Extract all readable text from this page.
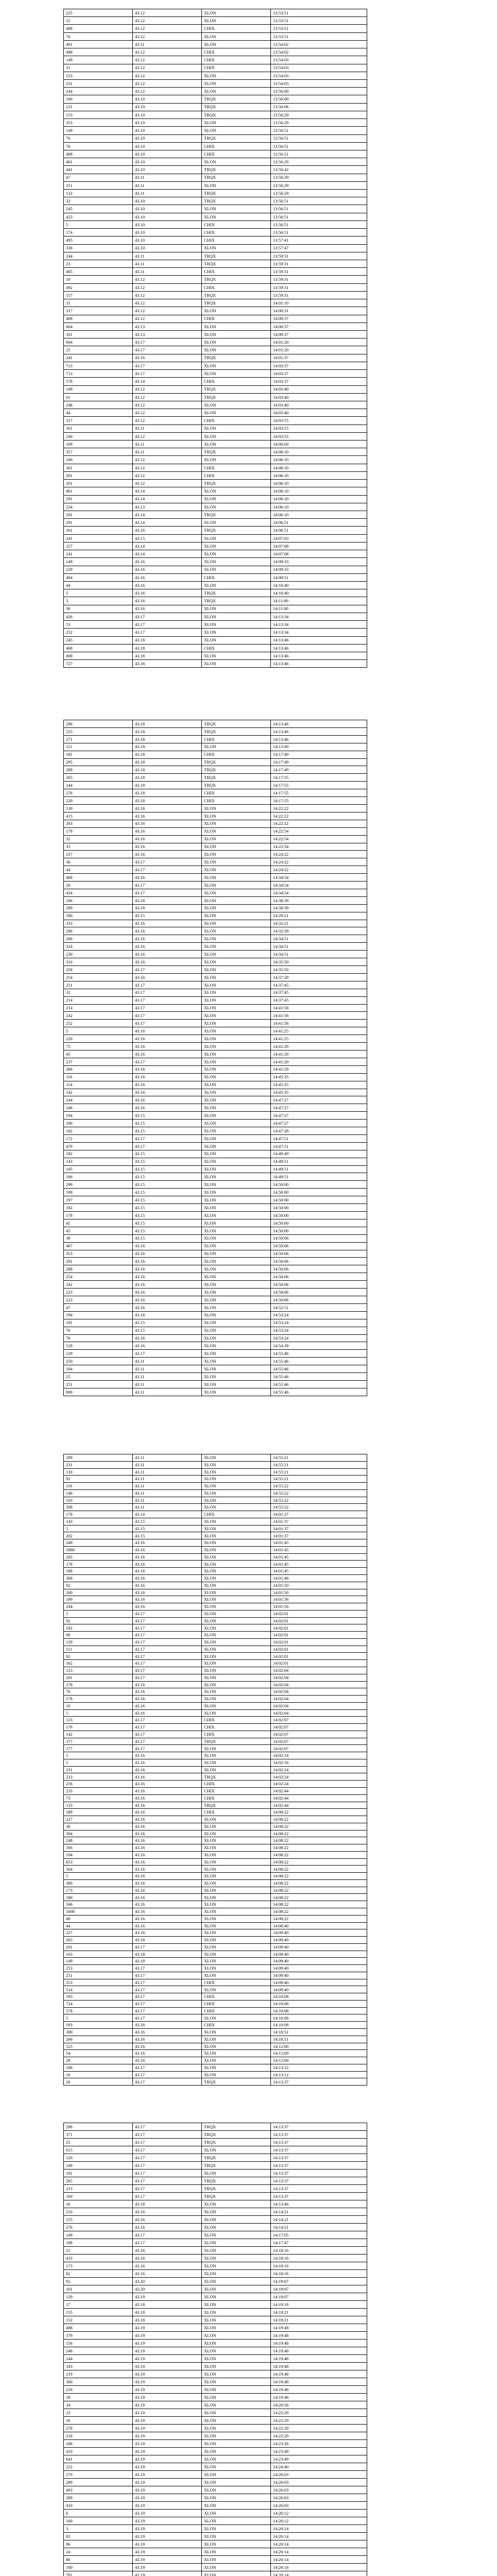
225	43.12	XLON	13:53:51
15	43.12	XLON	13:53:51
488	43.12	CHIX	13:53:51
76	43.12	XLON	13:53:51
491	43.11	XLON	13:54:02
488	43.12	CHIX	13:54:02
149	43.12	CHIX	13:54:03
31	43.12	CHIX	13:54:03
253	43.12	XLON	13:54:03
251	43.12	XLON	13:54:03
244	43.12	XLON	13:56:00
100	43.10	TRQX	13:56:00
121	43.10	TRQX	13:56:06
153	43.10	TRQX	13:56:29
353	43.10	XLON	13:56:29
149	43.10	XLON	13:56:51
76	43.10	TRQX	13:56:51
76	43.10	CHIX	13:56:51
408	43.10	CHIX	13:56:51
461	43.10	XLON	13:56:29
441	43.10	TRQX	13:56:42
47	43.11	TRQX	13:56:29
251	43.11	XLON	13:56:29
132	43.11	TRQX	13:56:29
32	43.10	TRQX	13:56:51
245	43.10	XLON	13:56:51
423	43.10	XLON	13:56:51
5	43.10	CHIX	13:56:51
174	43.10	CHIX	13:56:51
495	43.10	CHIX	13:57:41
336	43.10	XLON	13:57:47
244	43.11	TRQX	13:59:31
23	43.11	TRQX	13:59:31
405	43.11	CHIX	13:59:31
10	43.12	TRQX	13:59:31
492	43.12	CHIX	13:59:31
157	43.12	TRQX	13:59:31
31	43.12	TRQX	14:01:10
317	43.12	XLON	14:00:31
408	43.12	CHIX	14:00:37
604	43.13	XLON	14:00:37
161	43.13	XLON	14:00:37
604	43.17	XLON	14:01:20
25	43.17	XLON	14:01:20
241	43.16	TRQX	14:01:37
713	43.17	XLON	14:03:37
713	43.17	XLON	14:03:37
578	43.14	CHIX	14:03:37
149	43.12	TRQX	14:03:40
61	43.12	TRQX	14:03:40
248	43.12	XLON	14:03:40
44	43.12	XLON	14:03:40
317	43.12	CHIX	14:03:55
161	43.11	XLON	14:03:55
240	43.12	XLON	14:03:55
109	43.11	XLON	14:06:00
357	43.11	TRQX	14:06:10
240	43.12	XLON	14:06:10
361	43.12	CHIX	14:06:10
201	43.12	CHIX	14:06:10
201	43.12	TRQX	14:06:10
461	43.14	XLON	14:06:10
291	43.14	XLON	14:06:10
234	43.13	XLON	14:06:10
291	43.14	TRQX	14:06:10
291	43.14	XLON	14:06:51
161	43.16	TRQX	14:06:51
241	43.15	XLON	14:07:03
257	43.14	XLON	14:07:08
241	43.14	XLON	14:07:08
149	43.16	XLON	14:09:33
229	43.16	XLON	14:09:33
494	43.16	CHIX	14:09:51
44	43.16	XLON	14:10:40
5	43.16	TRQX	14:10:40
3	43.16	TRQX	14:11:00
36	43.16	XLON	14:11:00
426	43.17	XLON	14:13:34
53	43.17	XLON	14:13:34
252	43.17	XLON	14:13:34
245	43.18	XLON	14:13:46
468	43.18	CHIX	14:13:46
808	43.18	XLON	14:13:46
727	43.18	XLON	14:13:46
296	43.18	TRQX	14:13:46
255	43.18	TRQX	14:13:46
271	43.18	CHIX	14:13:46
111	43.18	XLON	14:13:49
181	43.18	CHIX	14:17:49
295	43.18	TRQX	14:17:49
289	43.18	TRQX	14:17:49
265	43.18	TRQX	14:17:55
244	43.18	TRQX	14:17:55
276	43.18	CHIX	14:17:55
220	43.18	CHIX	14:17:55
130	43.16	XLON	14:22:22
415	43.16	XLON	14:22:22
263	43.16	XLON	14:22:22
178	43.16	XLON	14:22:54
32	43.16	XLON	14:22:54
35	43.16	XLON	14:22:54
237	43.16	XLON	14:24:22
36	43.17	XLON	14:24:22
44	43.17	XLON	14:24:22
468	43.16	XLON	14:34:54
20	43.17	XLON	14:34:54
424	43.17	XLON	14:34:54
186	43.18	XLON	14:38:39
289	43.18	XLON	14:38:39
180	43.15	XLON	14:29:21
333	43.16	XLON	14:32:21
296	43.16	XLON	14:32:39
266	43.16	XLON	14:34:51
324	43.16	XLON	14:34:51
230	43.16	XLON	14:34:51
316	43.16	XLON	14:35:50
258	43.17	XLON	14:35:50
254	43.16	XLON	14:37:29
251	43.17	XLON	14:37:45
32	43.17	XLON	14:37:45
214	43.17	XLON	14:37:45
214	43.17	XLON	14:41:56
242	43.17	XLON	14:41:56
252	43.17	XLON	14:41:56
5	43.16	XLON	14:41:25
220	43.16	XLON	14:41:25
75	43.16	XLON	14:41:29
45	43.16	XLON	14:41:29
237	43.17	XLON	14:41:29
266	43.16	XLON	14:41:29
116	43.16	XLON	14:45:35
114	43.16	XLON	14:45:35
142	43.16	XLON	14:45:35
244	43.16	XLON	14:47:27
246	43.16	XLON	14:47:27
194	43.15	XLON	14:47:27
190	43.15	XLON	14:47:27
182	43.15	XLON	14:47:28
172	43.17	XLON	14:47:51
479	43.17	XLON	14:47:51
182	43.15	XLON	14:49:49
143	43.15	XLON	14:49:51
145	43.15	XLON	14:49:51
186	43.15	XLON	14:49:51
299	43.15	XLON	14:50:00
199	43.15	XLON	14:50:00
197	43.15	XLON	14:50:00
182	43.15	XLON	14:50:00
178	43.15	XLON	14:50:00
45	43.15	XLON	14:50:00
45	43.15	XLON	14:50:00
39	43.15	XLON	14:50:06
467	43.16	XLON	14:50:06
353	43.16	XLON	14:50:06
291	43.16	XLON	14:50:06
288	43.16	XLON	14:50:06
254	43.16	XLON	14:50:06
242	43.16	XLON	14:50:06
223	43.16	XLON	14:50:06
223	43.16	XLON	14:50:06
47	43.16	XLON	14:52:51
194	43.16	XLON	14:53:24
191	43.15	XLON	14:53:24
76	43.15	XLON	14:53:24
76	43.16	XLON	14:53:24
129	43.16	XLON	14:54:39
129	43.17	XLON	14:55:46
250	43.11	XLON	14:55:46
194	43.11	XLON	14:55:46
25	43.11	XLON	14:55:46
251	43.11	XLON	14:55:46
809	43.11	XLON	14:55:46
299	43.11	XLON	14:55:21
231	43.11	XLON	14:55:21
130	43.11	XLON	14:55:21
92	43.11	XLON	14:55:21
116	43.11	XLON	14:55:22
146	43.11	XLON	14:55:22
103	43.11	XLON	14:55:22
208	43.11	XLON	14:55:22
178	43.14	CHIX	14:01:37
143	43.15	XLON	14:01:37
5	43.15	XLON	14:01:37
202	43.15	XLON	14:01:37
249	43.16	XLON	14:01:45
1068	43.16	XLON	14:01:45
283	43.16	XLON	14:01:45
178	43.16	XLON	14:01:45
188	43.16	XLON	14:01:45
308	43.16	XLON	14:01:46
92	43.16	XLON	14:01:50
200	43.16	XLON	14:01:50
199	43.16	XLON	14:01:56
244	43.16	XLON	14:01:56
5	43.17	XLON	14:02:01
92	43.17	XLON	14:02:01
192	43.17	XLON	14:02:01
90	43.17	XLON	14:02:01
129	43.17	XLON	14:02:01
111	43.17	XLON	14:02:01
92	43.17	XLON	14:02:01
162	43.17	XLON	14:02:01
123	43.17	XLON	14:02:04
201	43.17	XLON	14:02:04
178	43.16	XLON	14:02:04
76	43.16	XLON	14:02:04
178	43.16	XLON	14:02:04
10	43.16	XLON	14:02:04
5	43.16	XLON	14:02:04
123	43.17	CHIX	14:02:07
176	43.17	CHIX	14:02:07
142	43.17	CHIX	14:02:07
377	43.17	TRQX	14:02:07
177	43.17	XLON	14:02:07
5	43.16	XLON	14:02:14
5	43.16	XLON	14:02:16
231	43.16	XLON	14:02:24
233	43.16	TRQX	14:02:24
256	43.16	CHIX	14:02:24
233	43.16	CHIX	14:02:44
73	43.16	CHIX	14:02:44
133	43.16	TRQX	14:02:44
189	43.16	CHIX	14:08:22
227	43.16	XLON	14:08:22
36	43.16	XLON	14:08:22
394	43.16	XLON	14:08:22
248	43.16	XLON	14:08:22
166	43.16	XLON	14:08:22
194	43.16	XLON	14:08:22
653	43.16	XLON	14:08:22
164	43.16	XLON	14:08:22
5	43.16	XLON	14:08:22
300	43.16	XLON	14:08:22
173	43.16	XLON	14:08:22
180	43.16	XLON	14:08:22
346	43.16	XLON	14:08:22
1008	43.16	XLON	14:08:22
49	43.16	XLON	14:08:22
44	43.16	XLON	14:08:40
227	43.18	XLON	14:09:40
265	43.18	XLON	14:09:40
201	43.17	XLON	14:09:40
163	43.18	XLON	14:09:40
149	43.18	XLON	14:09:40
253	43.17	XLON	14:09:40
251	43.17	XLON	14:09:40
253	43.17	CHIX	14:09:40
514	43.17	XLON	14:09:40
183	43.17	CHIX	14:10:08
724	43.17	CHIX	14:10:08
578	43.17	CHIX	14:10:08
5	43.17	XLON	14:10:08
193	43.16	CHIX	14:10:08
300	43.16	XLON	14:10:51
266	43.16	XLON	14:10:51
525	43.16	XLON	14:12:00
54	43.16	XLON	14:12:00
28	43.16	XLON	14:12:00
186	43.17	XLON	14:13:12
16	43.17	XLON	14:13:12
26	43.17	TRQX	14:13:37
296	43.17	TRQX	14:13:37
371	43.17	TRQX	14:13:37
25	43.17	TRQX	14:13:37
615	43.17	XLON	14:13:37
120	43.17	TRQX	14:13:37
149	43.17	TRQX	14:13:37
181	43.17	XLON	14:13:37
265	43.17	TRQX	14:13:37
213	43.17	TRQX	14:13:37
169	43.17	TRQX	14:13:37
16	43.18	XLON	14:13:46
210	43.16	XLON	14:14:21
155	43.16	XLON	14:14:21
276	43.16	XLON	14:14:21
149	43.17	XLON	14:17:05
198	43.17	XLON	14:17:47
21	43.16	XLON	14:18:16
433	43.16	XLON	14:18:16
173	43.16	XLON	14:18:16
82	43.16	XLON	14:18:16
92	43.20	XLON	14:19:07
161	43.20	XLON	14:19:07
129	43.19	XLON	14:19:07
17	43.18	XLON	14:19:18
155	43.18	XLON	14:19:21
152	43.18	XLON	14:19:21
488	43.19	XLON	14:19:48
379	43.19	XLON	14:19:48
156	43.19	XLON	14:19:48
246	43.19	XLON	14:19:48
244	43.19	XLON	14:19:48
183	43.19	XLON	14:19:48
219	43.19	XLON	14:19:48
360	43.19	XLON	14:19:48
218	43.19	XLON	14:19:48
18	43.19	XLON	14:19:48
34	43.19	XLON	14:20:56
23	43.19	XLON	14:22:29
16	43.19	XLON	14:22:29
278	43.19	XLON	14:22:29
218	43.19	XLON	14:22:29
186	43.19	XLON	14:23:26
410	43.19	XLON	14:23:49
641	43.19	XLON	14:23:49
222	43.19	XLON	14:24:40
279	43.19	XLON	14:26:03
289	43.19	XLON	14:26:03
403	43.19	XLON	14:26:03
289	43.19	XLON	14:26:03
410	43.19	XLON	14:26:03
6	43.19	XLON	14:26:12
160	43.19	XLON	14:26:12
3	43.19	XLON	14:26:14
83	43.19	XLON	14:26:14
86	43.19	XLON	14:26:14
24	43.19	XLON	14:26:14
86	43.19	XLON	14:26:14
100	43.19	XLON	14:26:14
781	43.19	XLON	14:26:14
